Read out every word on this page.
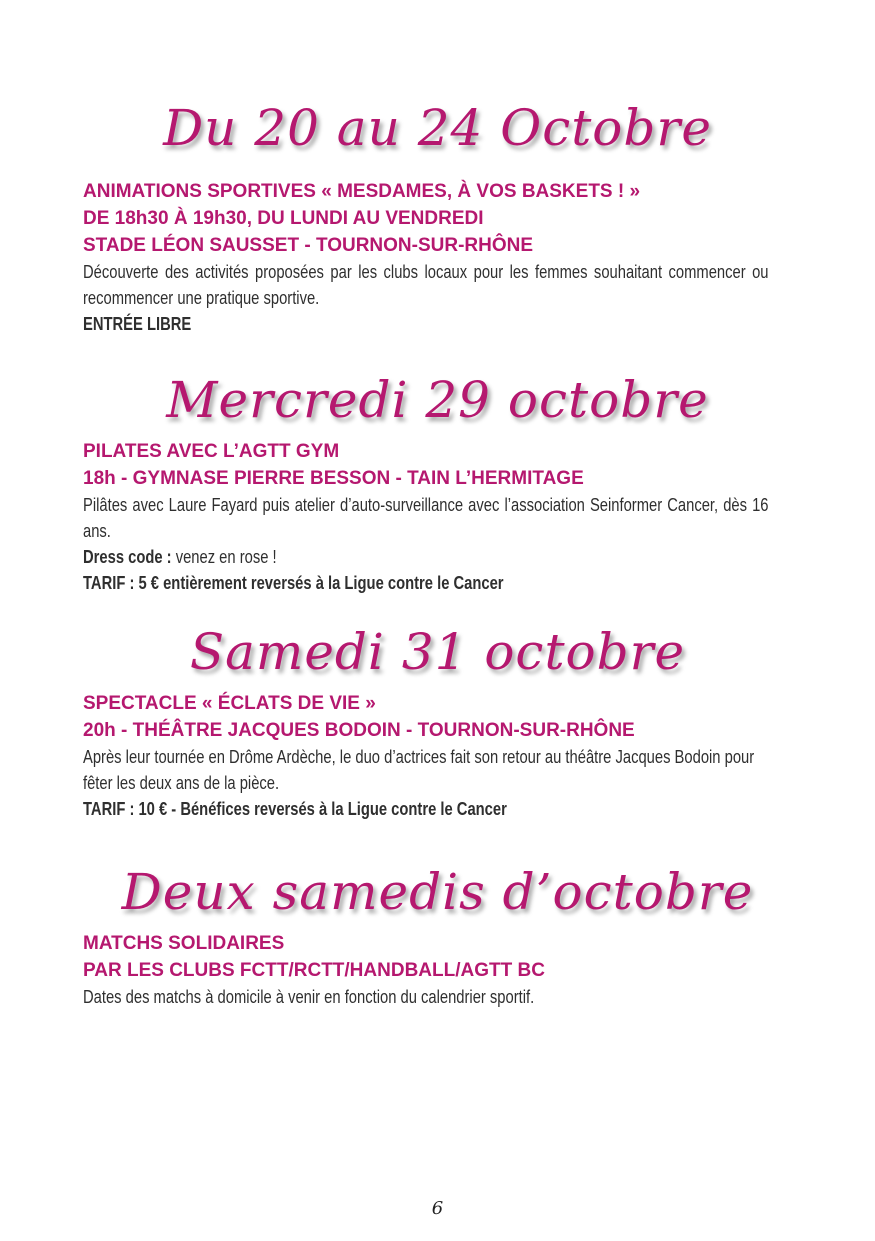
Du 20 au 24 Octobre
ANIMATIONS SPORTIVES « MESDAMES, À VOS BASKETS ! »
DE 18h30 À 19h30, DU LUNDI AU VENDREDI
STADE LÉON SAUSSET - TOURNON-SUR-RHÔNE
Découverte des activités proposées par les clubs locaux pour les femmes souhaitant commencer ou recommencer une pratique sportive.
ENTRÉE LIBRE
Mercredi 29 octobre
PILATES AVEC L’AGTT GYM
18h - GYMNASE PIERRE BESSON - TAIN L’HERMITAGE
Pilâtes avec Laure Fayard puis atelier d’auto-surveillance avec l’association Seinformer Cancer, dès 16 ans.
Dress code : venez en rose !
TARIF : 5 € entièrement reversés à la Ligue contre le Cancer
Samedi 31 octobre
SPECTACLE « ÉCLATS DE VIE »
20h - THÉÂTRE JACQUES BODOIN - TOURNON-SUR-RHÔNE
Après leur tournée en Drôme Ardèche, le duo d’actrices fait son retour au théâtre Jacques Bodoin pour fêter les deux ans de la pièce.
TARIF : 10 € - Bénéfices reversés à la Ligue contre le Cancer
Deux samedis d’octobre
MATCHS SOLIDAIRES
PAR LES CLUBS FCTT/RCTT/HANDBALL/AGTT BC
Dates des matchs à domicile à venir en fonction du calendrier sportif.
6
